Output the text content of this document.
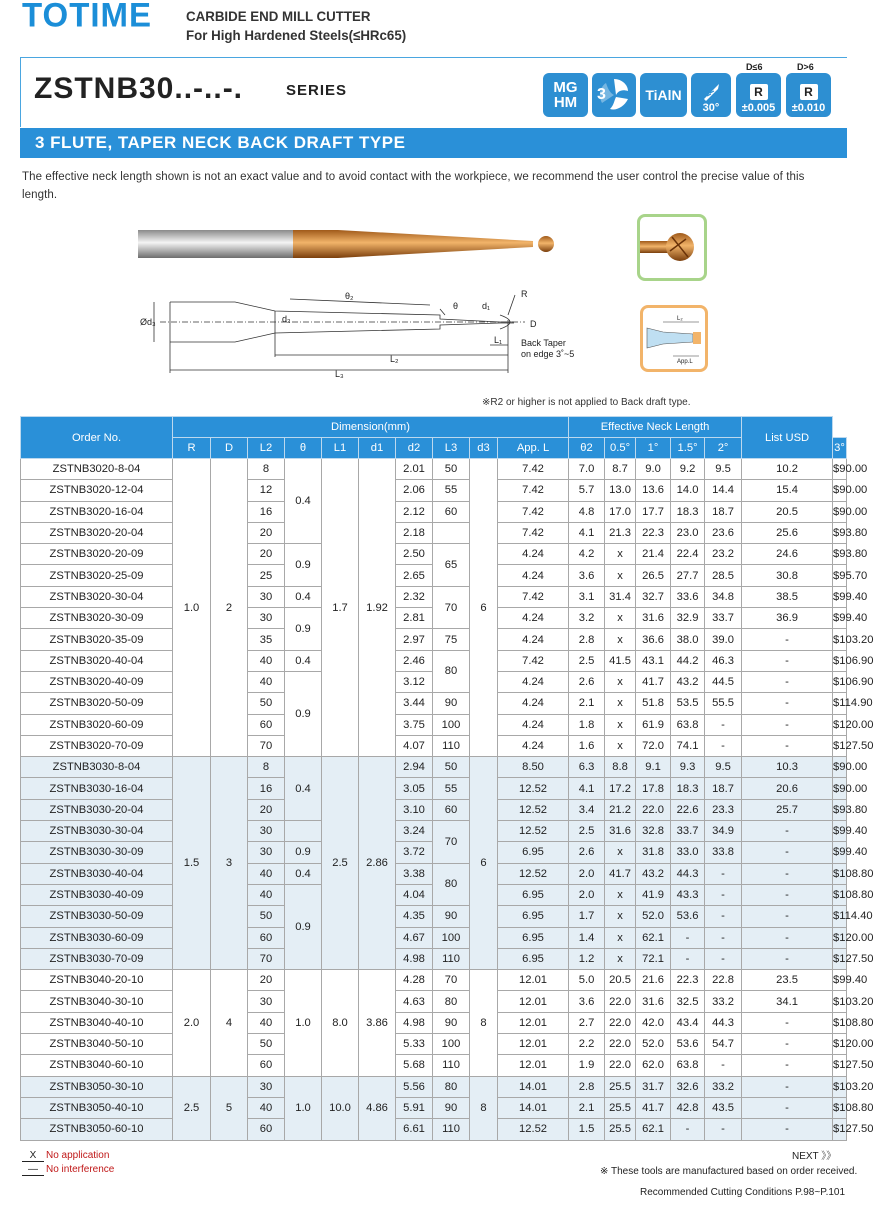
TOTIME CARBIDE END MILL CUTTER
For High Hardened Steels(≤HRc65)
ZSTNB30..-..-.	SERIES	MG
HM 3	TiAlN
30°
D≤6
R
±0.005
D>6
R
±0.010
3 FLUTE, TAPER NECK BACK DRAFT TYPE
The effective neck length shown is not an exact value and to avoid contact with the workpiece, we recommend the user control the precise value of this length.
θ₂
θ	d₁
R
Ød₃	d₂	D
L₁
L₂
L₃
Back Taper
on edge 3˚~5
L₂
App.L
※R2 or higher is not applied to Back draft type.
Order No.	Dimension(mm)										Effective Neck Length					List USD	
	R	D	L2	θ	L1	d1	d2	L3	d3	App. L	θ2	0.5°	1°	1.5°	2°		3°
ZSTNB3020-8-04	1.0	2	8	0.4	1.7	1.92	2.01	50	6	7.42	7.0	8.7	9.0	9.2	9.5	10.2	$90.00
ZSTNB3020-12-04			12				2.06	55		7.42	5.7	13.0	13.6	14.0	14.4	15.4	$90.00
ZSTNB3020-16-04			16				2.12	60		7.42	4.8	17.0	17.7	18.3	18.7	20.5	$90.00
ZSTNB3020-20-04			20				2.18			7.42	4.1	21.3	22.3	23.0	23.6	25.6	$93.80
ZSTNB3020-20-09			20	0.9			2.50	65		4.24	4.2	x	21.4	22.4	23.2	24.6	$93.80
ZSTNB3020-25-09			25				2.65			4.24	3.6	x	26.5	27.7	28.5	30.8	$95.70
ZSTNB3020-30-04			30	0.4			2.32	70		7.42	3.1	31.4	32.7	33.6	34.8	38.5	$99.40
ZSTNB3020-30-09			30	0.9			2.81			4.24	3.2	x	31.6	32.9	33.7	36.9	$99.40
ZSTNB3020-35-09			35				2.97	75		4.24	2.8	x	36.6	38.0	39.0	-	$103.20
ZSTNB3020-40-04			40	0.4			2.46	80		7.42	2.5	41.5	43.1	44.2	46.3	-	$106.90
ZSTNB3020-40-09			40	0.9			3.12			4.24	2.6	x	41.7	43.2	44.5	-	$106.90
ZSTNB3020-50-09			50				3.44	90		4.24	2.1	x	51.8	53.5	55.5	-	$114.90
ZSTNB3020-60-09			60				3.75	100		4.24	1.8	x	61.9	63.8	-	-	$120.00
ZSTNB3020-70-09			70				4.07	110		4.24	1.6	x	72.0	74.1	-	-	$127.50
ZSTNB3030-8-04	1.5	3	8	0.4	2.5	2.86	2.94	50	6	8.50	6.3	8.8	9.1	9.3	9.5	10.3	$90.00
ZSTNB3030-16-04			16				3.05	55		12.52	4.1	17.2	17.8	18.3	18.7	20.6	$90.00
ZSTNB3030-20-04			20				3.10	60		12.52	3.4	21.2	22.0	22.6	23.3	25.7	$93.80
ZSTNB3030-30-04			30				3.24	70		12.52	2.5	31.6	32.8	33.7	34.9	-	$99.40
ZSTNB3030-30-09			30	0.9			3.72			6.95	2.6	x	31.8	33.0	33.8	-	$99.40
ZSTNB3030-40-04			40	0.4			3.38	80		12.52	2.0	41.7	43.2	44.3	-	-	$108.80
ZSTNB3030-40-09			40	0.9			4.04			6.95	2.0	x	41.9	43.3	-	-	$108.80
ZSTNB3030-50-09			50				4.35	90		6.95	1.7	x	52.0	53.6	-	-	$114.40
ZSTNB3030-60-09			60				4.67	100		6.95	1.4	x	62.1	-	-	-	$120.00
ZSTNB3030-70-09			70				4.98	110		6.95	1.2	x	72.1	-	-	-	$127.50
ZSTNB3040-20-10	2.0	4	20	1.0	8.0	3.86	4.28	70	8	12.01	5.0	20.5	21.6	22.3	22.8	23.5	$99.40
ZSTNB3040-30-10			30				4.63	80		12.01	3.6	22.0	31.6	32.5	33.2	34.1	$103.20
ZSTNB3040-40-10			40				4.98	90		12.01	2.7	22.0	42.0	43.4	44.3	-	$108.80
ZSTNB3040-50-10			50				5.33	100		12.01	2.2	22.0	52.0	53.6	54.7	-	$120.00
ZSTNB3040-60-10			60				5.68	110		12.01	1.9	22.0	62.0	63.8	-	-	$127.50
ZSTNB3050-30-10	2.5	5	30	1.0	10.0	4.86	5.56	80	8	14.01	2.8	25.5	31.7	32.6	33.2	-	$103.20
ZSTNB3050-40-10			40				5.91	90		14.01	2.1	25.5	41.7	42.8	43.5	-	$108.80
ZSTNB3050-60-10			60				6.61	110		12.52	1.5	25.5	62.1	-	-	-	$127.50
X No application
— No interference
NEXT 》》
※ These tools are manufactured based on order received.
Recommended Cutting Conditions P.98~P.101
